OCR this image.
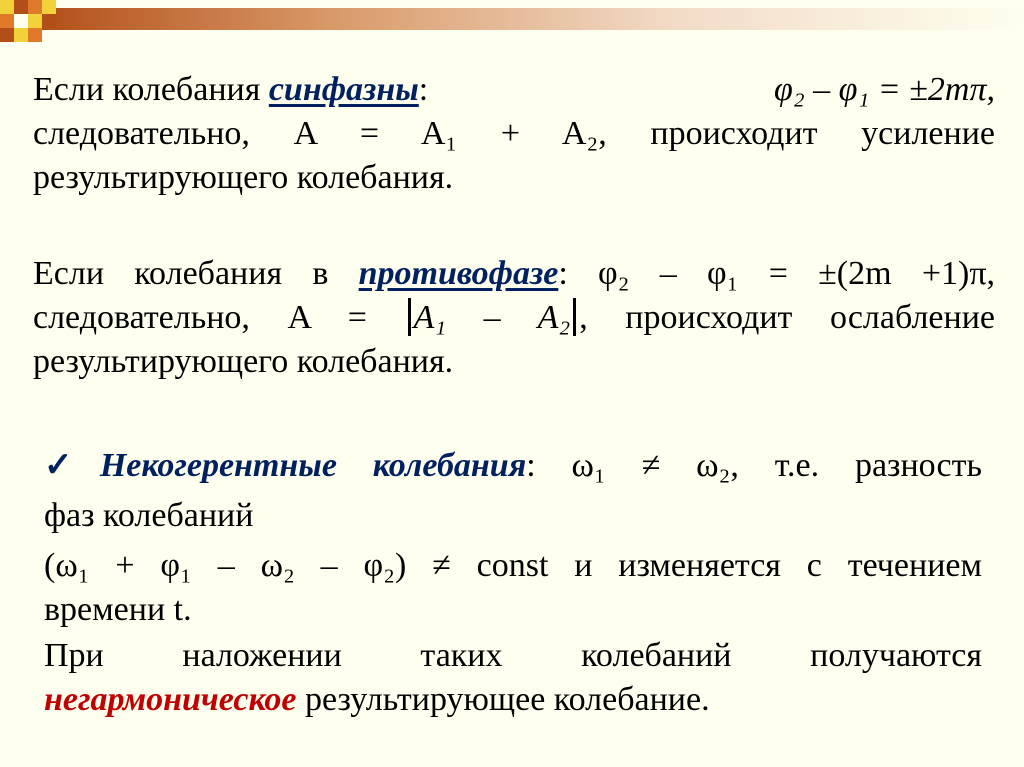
Если колебания синфазны:	φ₂ – φ₁ = ±2mπ,
следовательно, A = A₁ + A₂, происходит усиление
результирующего колебания.
Если колебания в противофазе: φ₂ – φ₁ = ±(2m +1)π,
следовательно, A = A₁ – A₂ , происходит ослабление
результирующего колебания.
✓Некогерентные колебания: ω₁ ≠ ω₂, т.е. разность
фаз колебаний
(ω₁ + φ₁ – ω₂ – φ₂) ≠ const и изменяется с течением
времени t.
При наложении таких колебаний получаются
негармоническое результирующее колебание.
